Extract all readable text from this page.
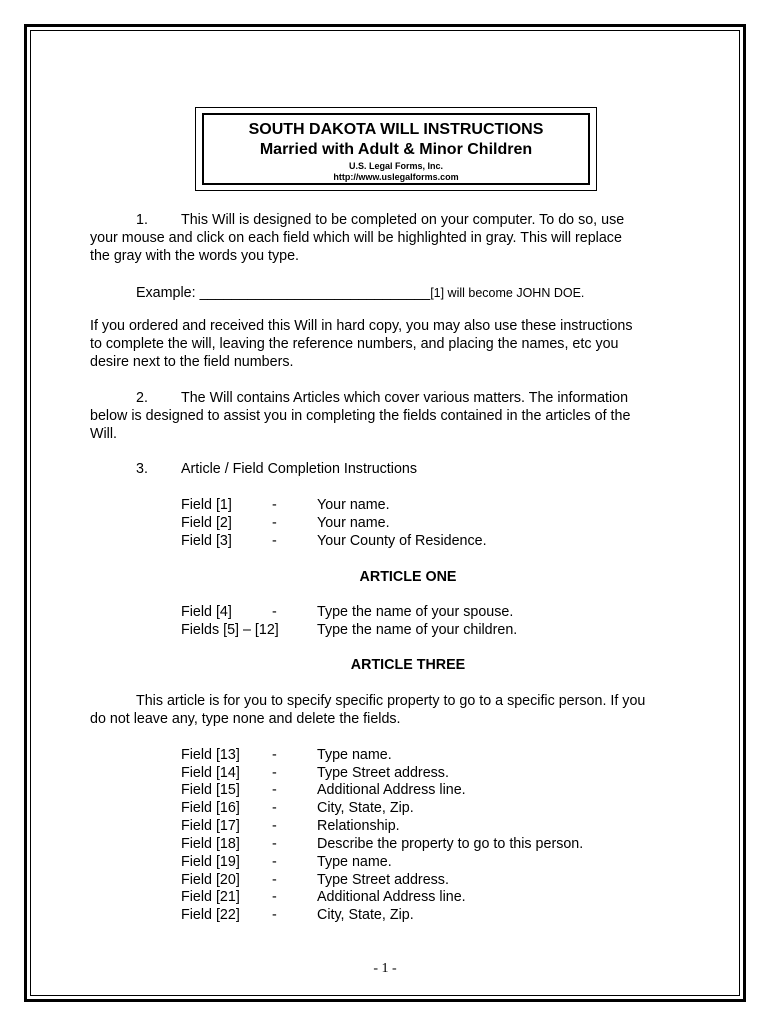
SOUTH DAKOTA WILL INSTRUCTIONS
Married with Adult & Minor Children
U.S. Legal Forms, Inc.
http://www.uslegalforms.com
1. This Will is designed to be completed on your computer. To do so, use
your mouse and click on each field which will be highlighted in gray. This will replace
the gray with the words you type.
Example: _____________________________[1] will become JOHN DOE.
If you ordered and received this Will in hard copy, you may also use these instructions
to complete the will, leaving the reference numbers, and placing the names, etc you
desire next to the field numbers.
2. The Will contains Articles which cover various matters. The information
below is designed to assist you in completing the fields contained in the articles of the
Will.
3. Article / Field Completion Instructions
Field [1]	-	Your name.
Field [2]	-	Your name.
Field [3]	-	Your County of Residence.
ARTICLE ONE
Field [4]	-	Type the name of your spouse.
Fields [5] – [12]	Type the name of your children.
ARTICLE THREE
This article is for you to specify specific property to go to a specific person. If you
do not leave any, type none and delete the fields.
Field [13] -	Type name.
Field [14] -	Type Street address.
Field [15] -	Additional Address line.
Field [16] -	City, State, Zip.
Field [17] -	Relationship.
Field [18] -	Describe the property to go to this person.
Field [19] -	Type name.
Field [20] -	Type Street address.
Field [21] -	Additional Address line.
Field [22] -	City, State, Zip.
- 1 -
